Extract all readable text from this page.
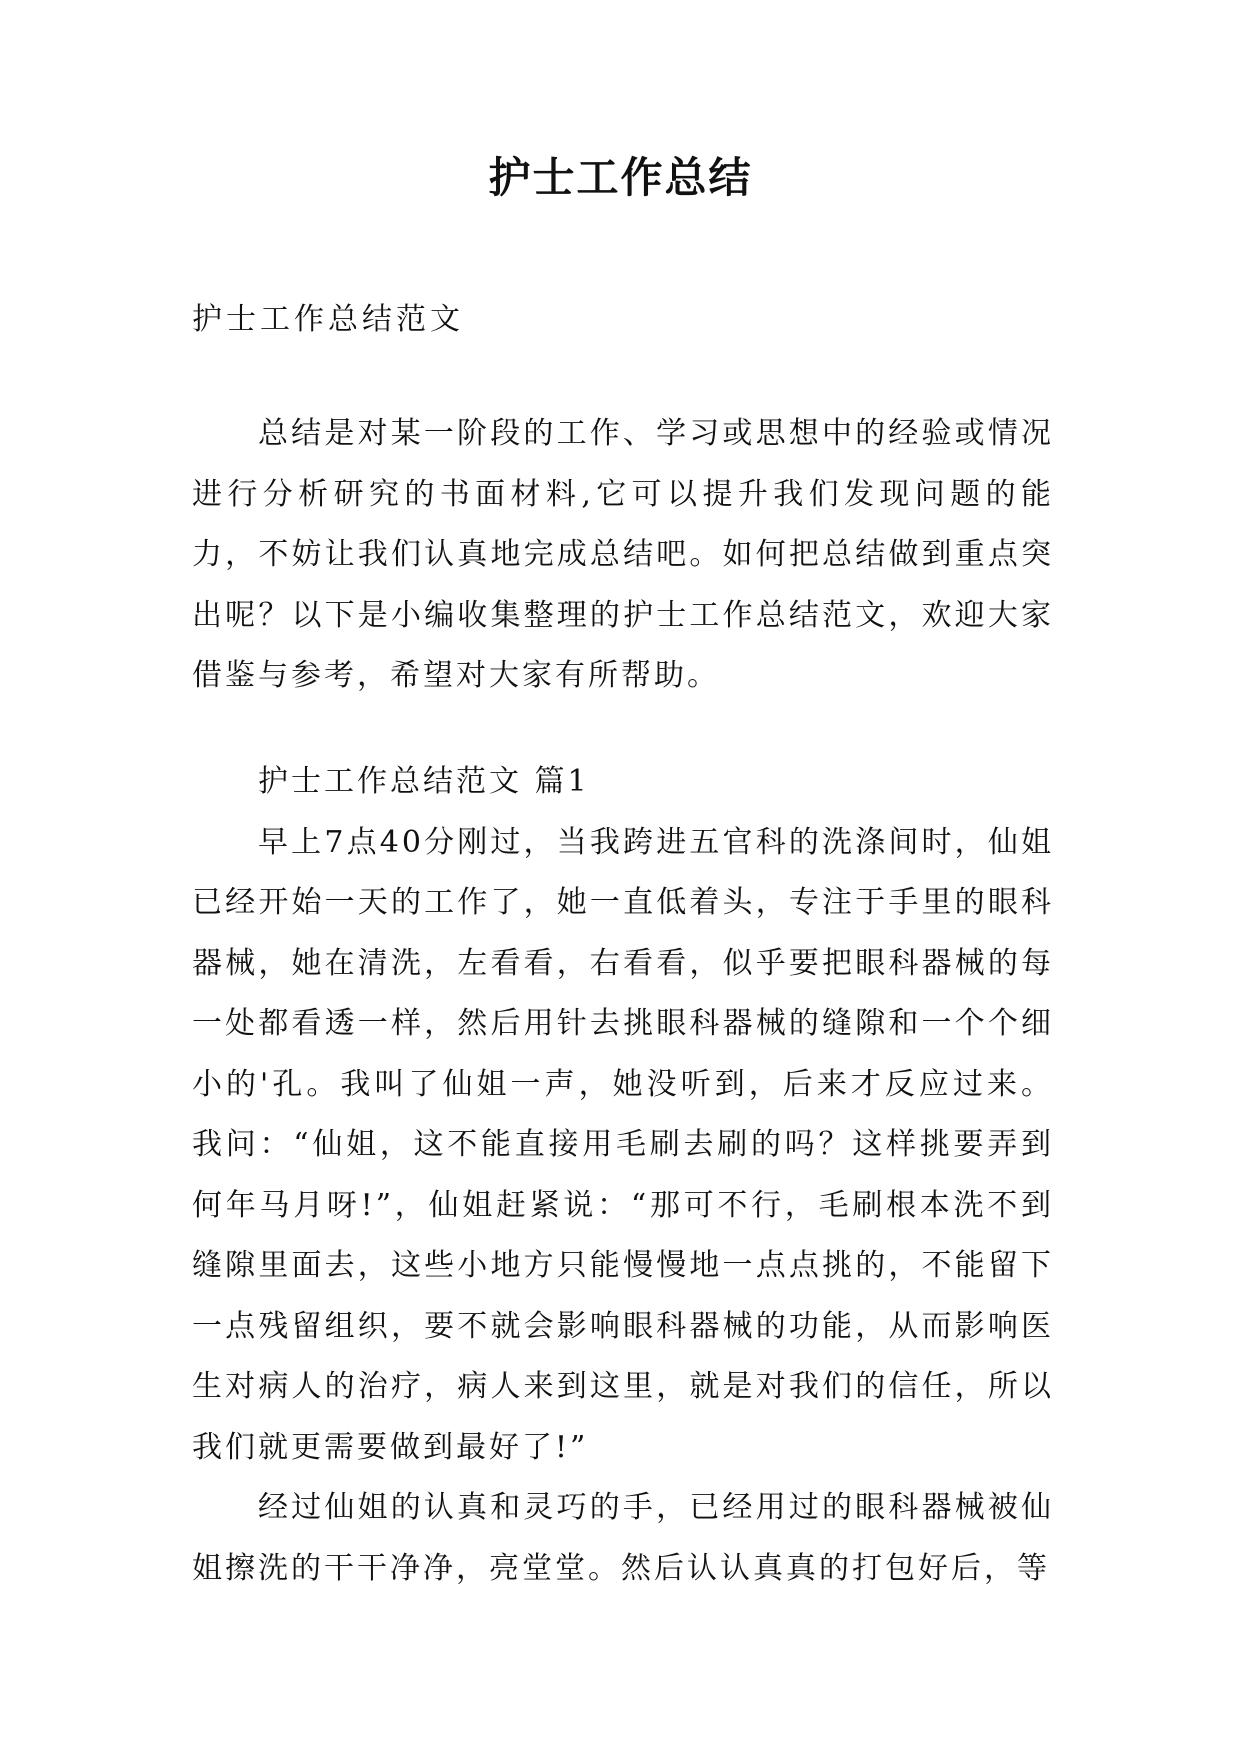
护士工作总结
护士工作总结范文

总结是对某一阶段的工作、学习或思想中的经验或情况进行分析研究的书面材料,它可以提升我们发现问题的能力，不妨让我们认真地完成总结吧。如何把总结做到重点突出呢？以下是小编收集整理的护士工作总结范文，欢迎大家借鉴与参考，希望对大家有所帮助。

护士工作总结范文 篇1

早上7点40分刚过，当我跨进五官科的洗涤间时，仙姐已经开始一天的工作了，她一直低着头，专注于手里的眼科器械，她在清洗，左看看，右看看，似乎要把眼科器械的每一处都看透一样，然后用针去挑眼科器械的缝隙和一个个细小的'孔。我叫了仙姐一声，她没听到，后来才反应过来。我问：“仙姐，这不能直接用毛刷去刷的吗？这样挑要弄到何年马月呀!”，仙姐赶紧说：“那可不行，毛刷根本洗不到缝隙里面去，这些小地方只能慢慢地一点点挑的，不能留下一点残留组织，要不就会影响眼科器械的功能，从而影响医生对病人的治疗，病人来到这里，就是对我们的信任，所以我们就更需要做到最好了!”

经过仙姐的认真和灵巧的手，已经用过的眼科器械被仙姐擦洗的干干净净，亮堂堂。然后认认真真的打包好后，等
